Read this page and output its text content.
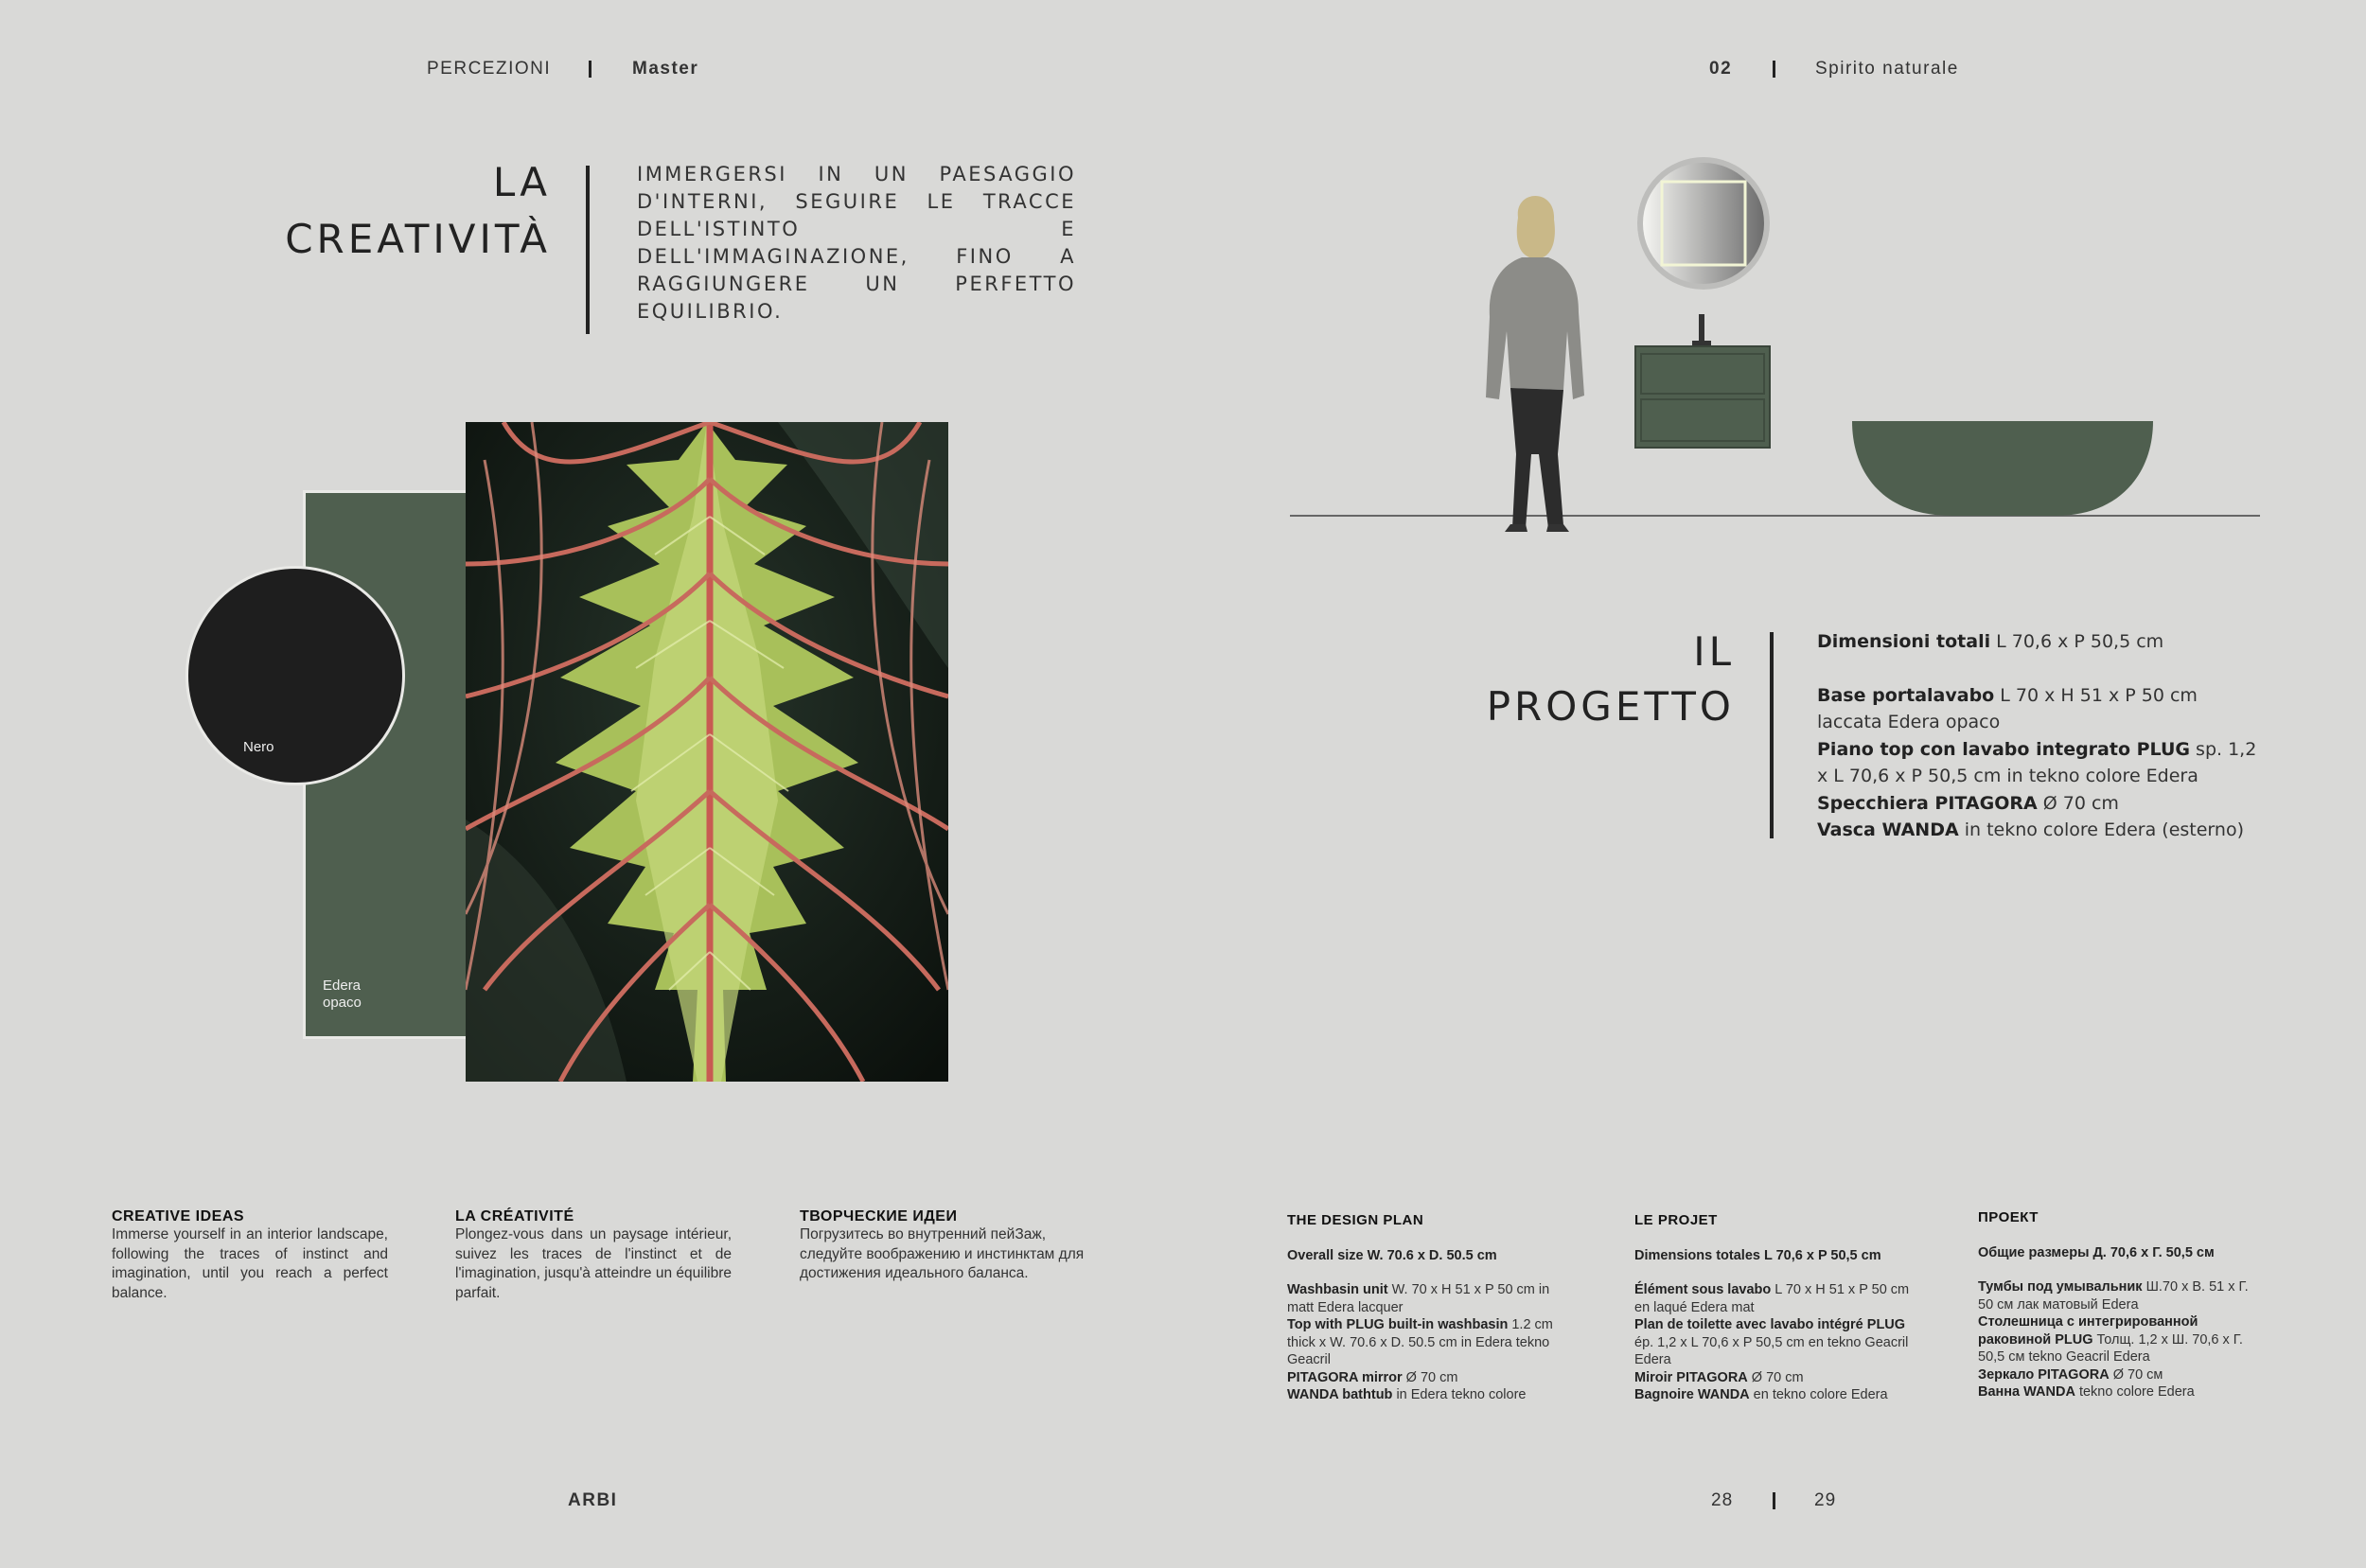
PERCEZIONI	Master	02	Spirito naturale
LA
CREATIVITÀ
IMMERGERSI IN UN PAESAGGIO D'INTERNI, SEGUIRE LE TRACCE DELL'ISTINTO E DELL'IMMAGINAZIONE, FINO A RAGGIUNGERE UN PERFETTO EQUILIBRIO.
Edera
opaco
Nero
CREATIVE IDEAS
Immerse yourself in an interior landscape, following the traces of instinct and imagination, until you reach a perfect balance.
LA CRÉATIVITÉ
Plongez-vous dans un paysage intérieur, suivez les traces de l'instinct et de l'imagination, jusqu'à atteindre un équilibre parfait.
ТВОРЧЕСКИЕ ИДЕИ
Погрузитесь во внутренний пейЗаж, следуйте воображению и инстинктам для достижения идеального баланса.
ARBI
IL
PROGETTO
Dimensioni totali L 70,6 x P 50,5 cm
Base portalavabo L 70 x H 51 x P 50 cm laccata Edera opaco
Piano top con lavabo integrato PLUG sp. 1,2 x L 70,6 x P 50,5 cm in tekno colore Edera
Specchiera PITAGORA Ø 70 cm
Vasca WANDA in tekno colore Edera (esterno)
THE DESIGN PLAN
Overall size W. 70.6 x D. 50.5 cm
Washbasin unit W. 70 x H 51 x P 50 cm in matt Edera lacquer
Top with PLUG built-in washbasin 1.2 cm thick x W. 70.6 x D. 50.5 cm in Edera tekno Geacril
PITAGORA mirror Ø 70 cm
WANDA bathtub in Edera tekno colore
LE PROJET
Dimensions totales L 70,6 x P 50,5 cm
Élément sous lavabo L 70 x H 51 x P 50 cm en laqué Edera mat
Plan de toilette avec lavabo intégré PLUG ép. 1,2 x L 70,6 x P 50,5 cm en tekno Geacril Edera
Miroir PITAGORA Ø 70 cm
Bagnoire WANDA en tekno colore Edera
ПРОЕКТ
Общие размеры Д. 70,6 x Г. 50,5 см
Тумбы под умывальник Ш.70 x В. 51 x Г. 50 см лак матовый Edera
Столешница с интегрированной раковиной PLUG Толщ. 1,2 x Ш. 70,6 x Г. 50,5 см tekno Geacril Edera
Зеркало PITAGORA Ø 70 см
Ванна WANDA tekno colore Edera
28	29
